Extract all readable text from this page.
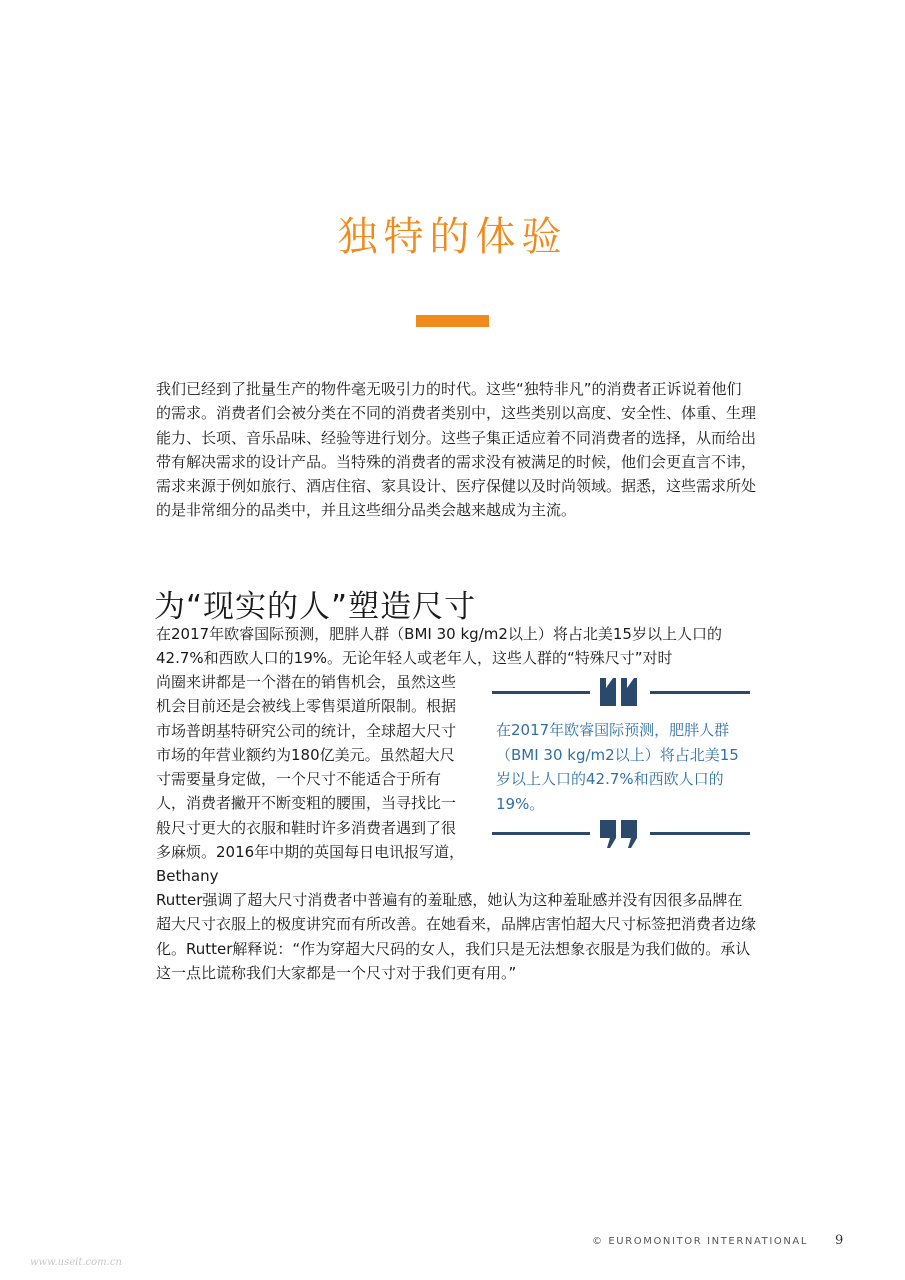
独特的体验

我们已经到了批量生产的物件毫无吸引力的时代。这些“独特非凡”的消费者正诉说着他们的需求。消费者们会被分类在不同的消费者类别中，这些类别以高度、安全性、体重、生理能力、长项、音乐品味、经验等进行划分。这些子集正适应着不同消费者的选择，从而给出带有解决需求的设计产品。当特殊的消费者的需求没有被满足的时候，他们会更直言不讳，需求来源于例如旅行、酒店住宿、家具设计、医疗保健以及时尚领域。据悉，这些需求所处的是非常细分的品类中，并且这些细分品类会越来越成为主流。

为“现实的人”塑造尺寸

在2017年欧睿国际预测，肥胖人群（BMI 30 kg/m2以上）将占北美15岁以上人口的42.7%和西欧人口的19%。无论年轻人或老年人，这些人群的“特殊尺寸”对时

尚圈来讲都是一个潜在的销售机会，虽然这些机会目前还是会被线上零售渠道所限制。根据市场普朗基特研究公司的统计，全球超大尺寸市场的年营业额约为180亿美元。虽然超大尺寸需要量身定做，一个尺寸不能适合于所有人，消费者撇开不断变粗的腰围，当寻找比一般尺寸更大的衣服和鞋时许多消费者遇到了很多麻烦。2016年中期的英国每日电讯报写道，Bethany

Rutter强调了超大尺寸消费者中普遍有的羞耻感，她认为这种羞耻感并没有因很多品牌在超大尺寸衣服上的极度讲究而有所改善。在她看来，品牌店害怕超大尺寸标签把消费者边缘化。Rutter解释说：“作为穿超大尺码的女人，我们只是无法想象衣服是为我们做的。承认这一点比谎称我们大家都是一个尺寸对于我们更有用。”

在2017年欧睿国际预测，肥胖人群（BMI 30 kg/m2以上）将占北美15岁以上人口的42.7%和西欧人口的19%。
© EUROMONITOR INTERNATIONAL 9
www.useit.com.cn
